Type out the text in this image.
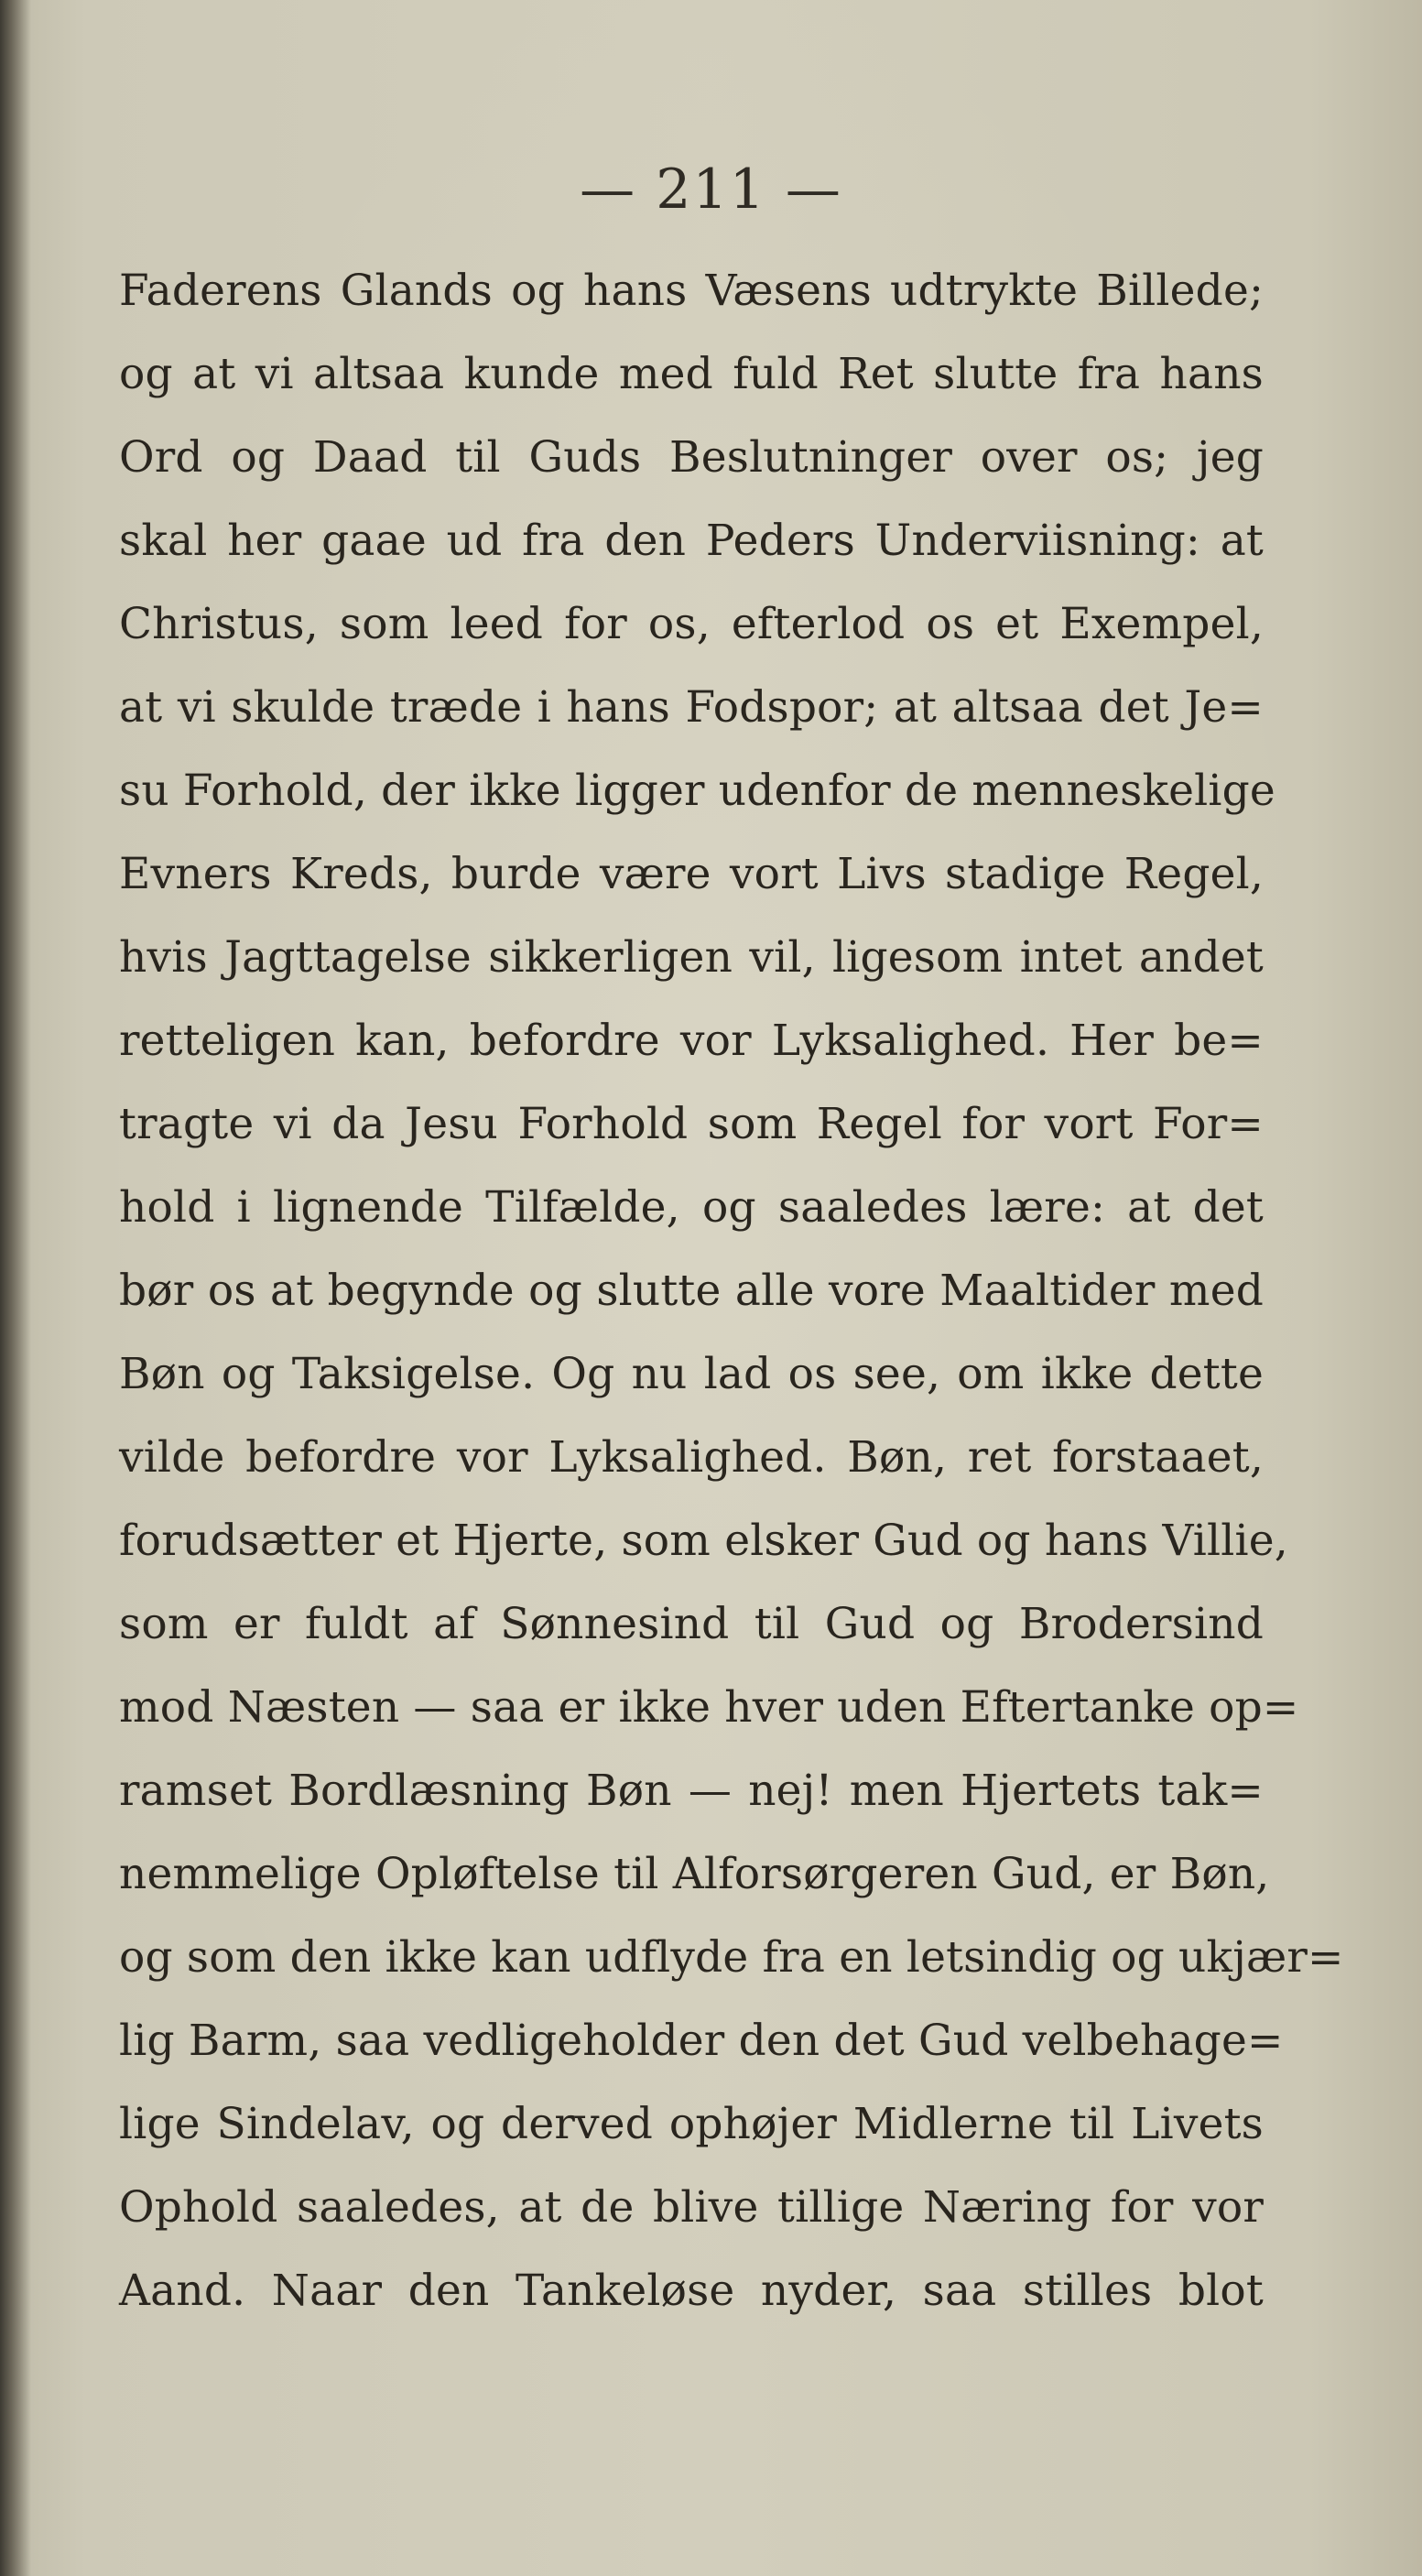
— 211 —
Faderens Glands og hans Væsens udtrykte Billede;
og at vi altsaa kunde med fuld Ret slutte fra hans
Ord og Daad til Guds Beslutninger over os; jeg
skal her gaae ud fra den Peders Underviisning: at
Christus, som leed for os, efterlod os et Exempel,
at vi skulde træde i hans Fodspor; at altsaa det Je=
su Forhold, der ikke ligger udenfor de menneskelige
Evners Kreds, burde være vort Livs stadige Regel,
hvis Jagttagelse sikkerligen vil, ligesom intet andet
retteligen kan, befordre vor Lyksalighed. Her be=
tragte vi da Jesu Forhold som Regel for vort For=
hold i lignende Tilfælde, og saaledes lære: at det
bør os at begynde og slutte alle vore Maaltider med
Bøn og Taksigelse. Og nu lad os see, om ikke dette
vilde befordre vor Lyksalighed. Bøn, ret forstaaet,
forudsætter et Hjerte, som elsker Gud og hans Villie,
som er fuldt af Sønnesind til Gud og Brodersind
mod Næsten — saa er ikke hver uden Eftertanke op=
ramset Bordlæsning Bøn — nej! men Hjertets tak=
nemmelige Opløftelse til Alforsørgeren Gud, er Bøn,
og som den ikke kan udflyde fra en letsindig og ukjær=
lig Barm, saa vedligeholder den det Gud velbehage=
lige Sindelav, og derved ophøjer Midlerne til Livets
Ophold saaledes, at de blive tillige Næring for vor
Aand. Naar den Tankeløse nyder, saa stilles blot
